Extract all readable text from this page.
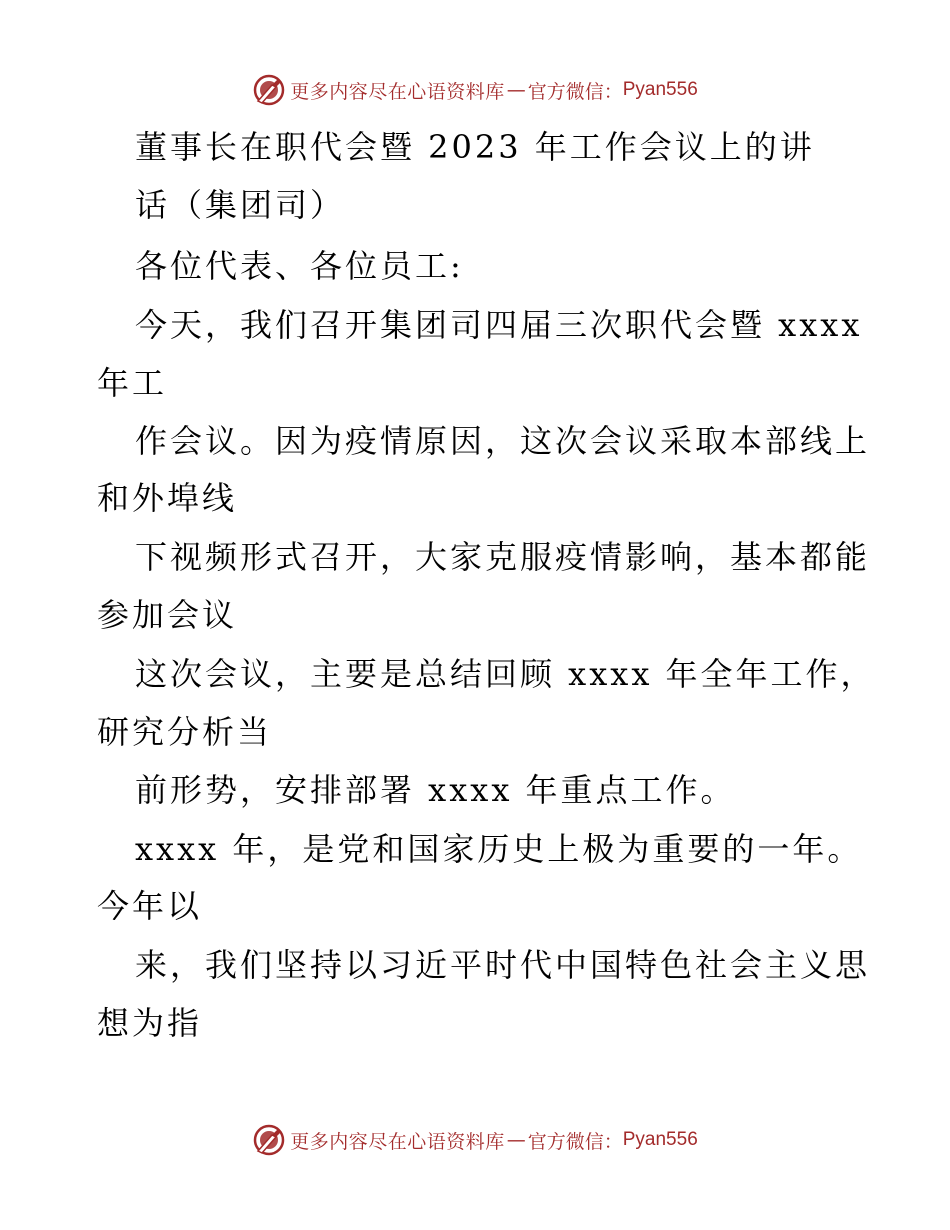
更多内容尽在心语资料库 — 官方微信： Pyan556
董事长在职代会暨 2023 年工作会议上的讲
话（集团司）
各位代表、各位员工:
今天，我们召开集团司四届三次职代会暨 xxxx
年工
作会议。因为疫情原因，这次会议采取本部线上
和外埠线
下视频形式召开，大家克服疫情影响，基本都能
参加会议
这次会议，主要是总结回顾 xxxx 年全年工作，
研究分析当
前形势，安排部署 xxxx 年重点工作。
xxxx 年，是党和国家历史上极为重要的一年。
今年以
来，我们坚持以习近平时代中国特色社会主义思
想为指
更多内容尽在心语资料库 — 官方微信： Pyan556
